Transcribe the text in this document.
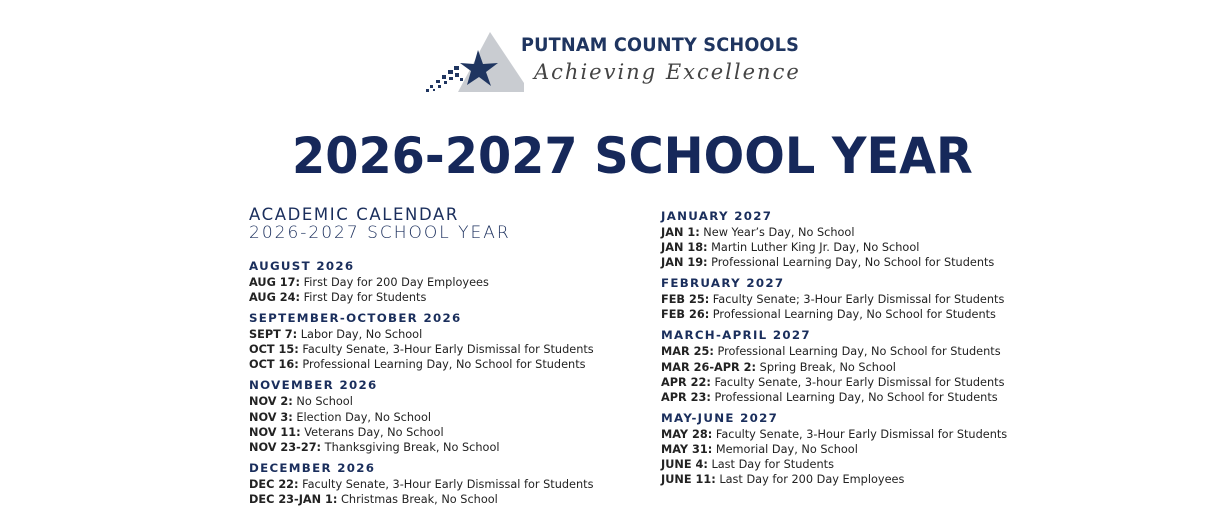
PUTNAM COUNTY SCHOOLS
Achieving Excellence
2026-2027 SCHOOL YEAR
ACADEMIC CALENDAR
2026-2027 SCHOOL YEAR
AUGUST 2026
AUG 17: First Day for 200 Day Employees
AUG 24: First Day for Students
SEPTEMBER-OCTOBER 2026
SEPT 7: Labor Day, No School
OCT 15: Faculty Senate, 3-Hour Early Dismissal for Students
OCT 16: Professional Learning Day, No School for Students
NOVEMBER 2026
NOV 2: No School
NOV 3: Election Day, No School
NOV 11: Veterans Day, No School
NOV 23-27: Thanksgiving Break, No School
DECEMBER 2026
DEC 22: Faculty Senate, 3-Hour Early Dismissal for Students
DEC 23-JAN 1: Christmas Break, No School
JANUARY 2027
JAN 1: New Year’s Day, No School
JAN 18: Martin Luther King Jr. Day, No School
JAN 19: Professional Learning Day, No School for Students
FEBRUARY 2027
FEB 25: Faculty Senate; 3-Hour Early Dismissal for Students
FEB 26: Professional Learning Day, No School for Students
MARCH-APRIL 2027
MAR 25: Professional Learning Day, No School for Students
MAR 26-APR 2: Spring Break, No School
APR 22: Faculty Senate, 3-hour Early Dismissal for Students
APR 23: Professional Learning Day, No School for Students
MAY-JUNE 2027
MAY 28: Faculty Senate, 3-Hour Early Dismissal for Students
MAY 31: Memorial Day, No School
JUNE 4: Last Day for Students
JUNE 11: Last Day for 200 Day Employees
